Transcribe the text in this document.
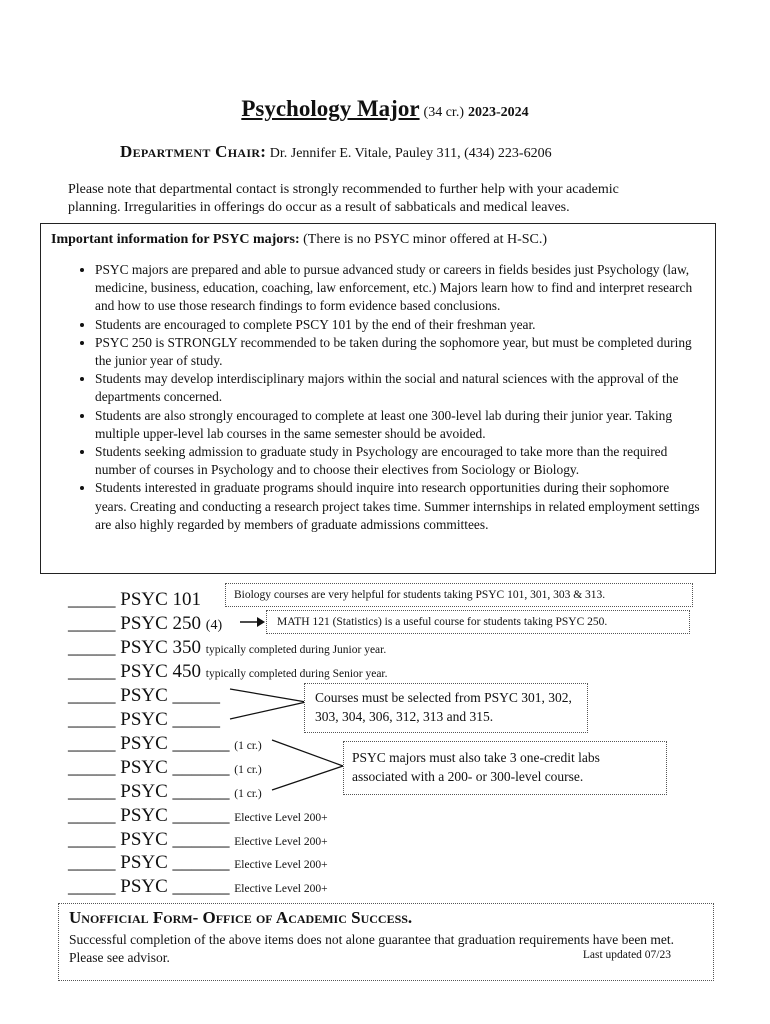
Psychology Major (34 cr.) 2023-2024
Department Chair: Dr. Jennifer E. Vitale, Pauley 311, (434) 223-6206
Please note that departmental contact is strongly recommended to further help with your academic planning. Irregularities in offerings do occur as a result of sabbaticals and medical leaves.
Important information for PSYC majors: (There is no PSYC minor offered at H-SC.)
• PSYC majors are prepared and able to pursue advanced study or careers in fields besides just Psychology (law, medicine, business, education, coaching, law enforcement, etc.) Majors learn how to find and interpret research and how to use those research findings to form evidence based conclusions.
• Students are encouraged to complete PSCY 101 by the end of their freshman year.
• PSYC 250 is STRONGLY recommended to be taken during the sophomore year, but must be completed during the junior year of study.
• Students may develop interdisciplinary majors within the social and natural sciences with the approval of the departments concerned.
• Students are also strongly encouraged to complete at least one 300-level lab during their junior year. Taking multiple upper-level lab courses in the same semester should be avoided.
• Students seeking admission to graduate study in Psychology are encouraged to take more than the required number of courses in Psychology and to choose their electives from Sociology or Biology.
• Students interested in graduate programs should inquire into research opportunities during their sophomore years. Creating and conducting a research project takes time. Summer internships in related employment settings are also highly regarded by members of graduate admissions committees.
_____ PSYC 101
_____ PSYC 250 (4)
_____ PSYC 350 typically completed during Junior year.
_____ PSYC 450 typically completed during Senior year.
_____ PSYC _____
_____ PSYC _____
_____ PSYC ______ (1 cr.)
_____ PSYC ______ (1 cr.)
_____ PSYC ______ (1 cr.)
_____ PSYC ______ Elective Level 200+
_____ PSYC ______ Elective Level 200+
_____ PSYC ______ Elective Level 200+
_____ PSYC ______ Elective Level 200+
Biology courses are very helpful for students taking PSYC 101, 301, 303 & 313.
MATH 121 (Statistics) is a useful course for students taking PSYC 250.
Courses must be selected from PSYC 301, 302, 303, 304, 306, 312, 313 and 315.
PSYC majors must also take 3 one-credit labs associated with a 200- or 300-level course.
Unofficial Form- Office of Academic Success.
Successful completion of the above items does not alone guarantee that graduation requirements have been met. Please see advisor.	Last updated 07/23
